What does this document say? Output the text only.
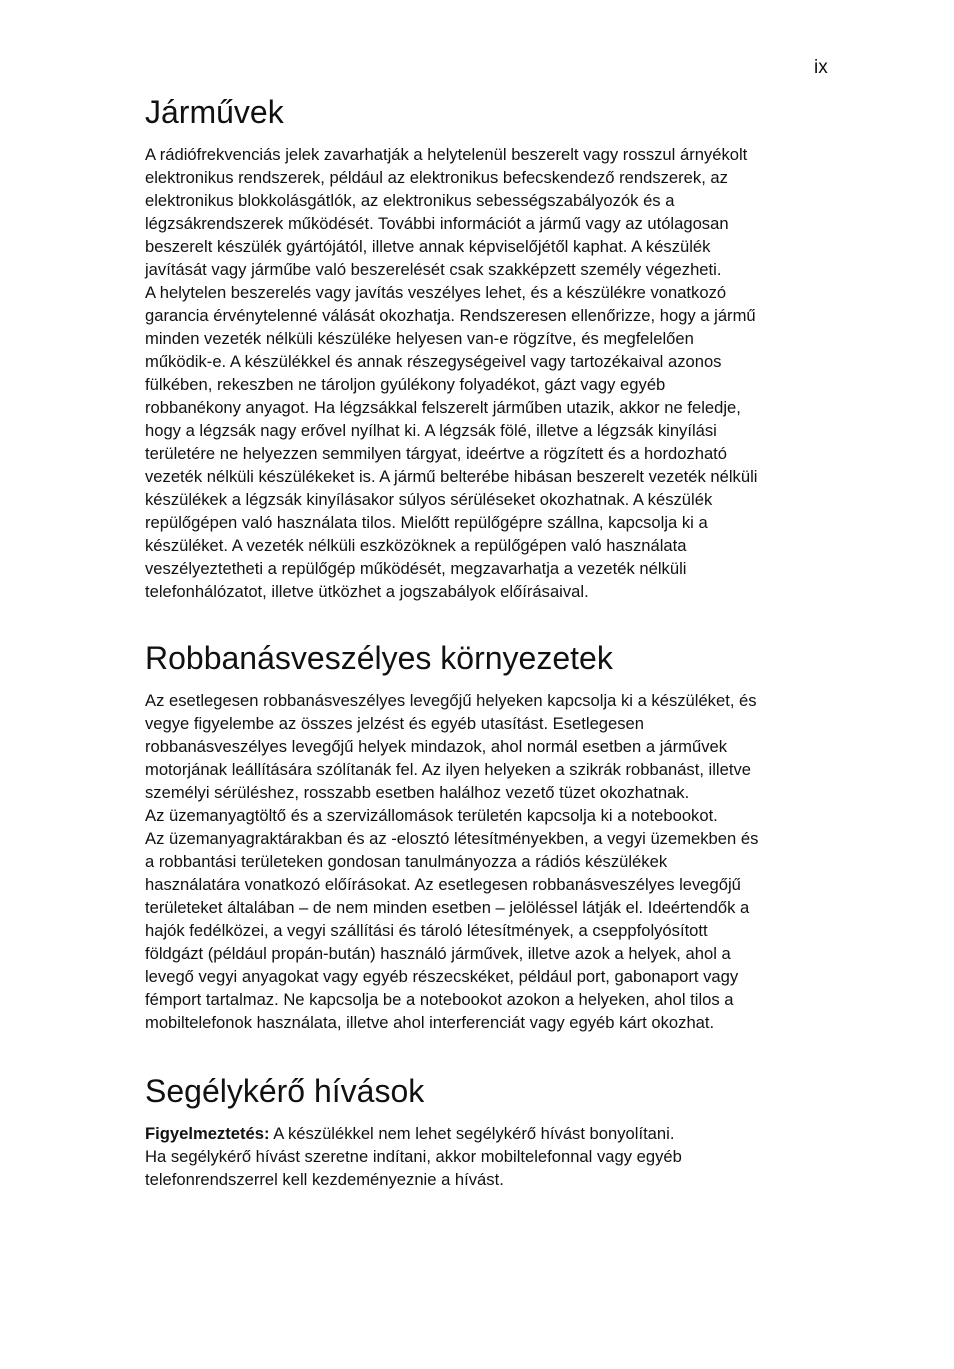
ix
Járművek

A rádiófrekvenciás jelek zavarhatják a helytelenül beszerelt vagy rosszul árnyékolt
elektronikus rendszerek, például az elektronikus befecskendező rendszerek, az
elektronikus blokkolásgátlók, az elektronikus sebességszabályozók és a
légzsákrendszerek működését. További információt a jármű vagy az utólagosan
beszerelt készülék gyártójától, illetve annak képviselőjétől kaphat. A készülék
javítását vagy járműbe való beszerelését csak szakképzett személy végezheti.
A helytelen beszerelés vagy javítás veszélyes lehet, és a készülékre vonatkozó
garancia érvénytelenné válását okozhatja. Rendszeresen ellenőrizze, hogy a jármű
minden vezeték nélküli készüléke helyesen van-e rögzítve, és megfelelően
működik-e. A készülékkel és annak részegységeivel vagy tartozékaival azonos
fülkében, rekeszben ne tároljon gyúlékony folyadékot, gázt vagy egyéb
robbanékony anyagot. Ha légzsákkal felszerelt járműben utazik, akkor ne feledje,
hogy a légzsák nagy erővel nyílhat ki. A légzsák fölé, illetve a légzsák kinyílási
területére ne helyezzen semmilyen tárgyat, ideértve a rögzített és a hordozható
vezeték nélküli készülékeket is. A jármű belterébe hibásan beszerelt vezeték nélküli
készülékek a légzsák kinyílásakor súlyos sérüléseket okozhatnak. A készülék
repülőgépen való használata tilos. Mielőtt repülőgépre szállna, kapcsolja ki a
készüléket. A vezeték nélküli eszközöknek a repülőgépen való használata
veszélyeztetheti a repülőgép működését, megzavarhatja a vezeték nélküli
telefonhálózatot, illetve ütközhet a jogszabályok előírásaival.

Robbanásveszélyes környezetek

Az esetlegesen robbanásveszélyes levegőjű helyeken kapcsolja ki a készüléket, és
vegye figyelembe az összes jelzést és egyéb utasítást. Esetlegesen
robbanásveszélyes levegőjű helyek mindazok, ahol normál esetben a járművek
motorjának leállítására szólítanák fel. Az ilyen helyeken a szikrák robbanást, illetve
személyi sérüléshez, rosszabb esetben halálhoz vezető tüzet okozhatnak.
Az üzemanyagtöltő és a szervizállomások területén kapcsolja ki a notebookot.
Az üzemanyagraktárakban és az -elosztó létesítményekben, a vegyi üzemekben és
a robbantási területeken gondosan tanulmányozza a rádiós készülékek
használatára vonatkozó előírásokat. Az esetlegesen robbanásveszélyes levegőjű
területeket általában – de nem minden esetben – jelöléssel látják el. Ideértendők a
hajók fedélközei, a vegyi szállítási és tároló létesítmények, a cseppfolyósított
földgázt (például propán-bután) használó járművek, illetve azok a helyek, ahol a
levegő vegyi anyagokat vagy egyéb részecskéket, például port, gabonaport vagy
fémport tartalmaz. Ne kapcsolja be a notebookot azokon a helyeken, ahol tilos a
mobiltelefonok használata, illetve ahol interferenciát vagy egyéb kárt okozhat.

Segélykérő hívások

Figyelmeztetés: A készülékkel nem lehet segélykérő hívást bonyolítani.
Ha segélykérő hívást szeretne indítani, akkor mobiltelefonnal vagy egyéb
telefonrendszerrel kell kezdeményeznie a hívást.
